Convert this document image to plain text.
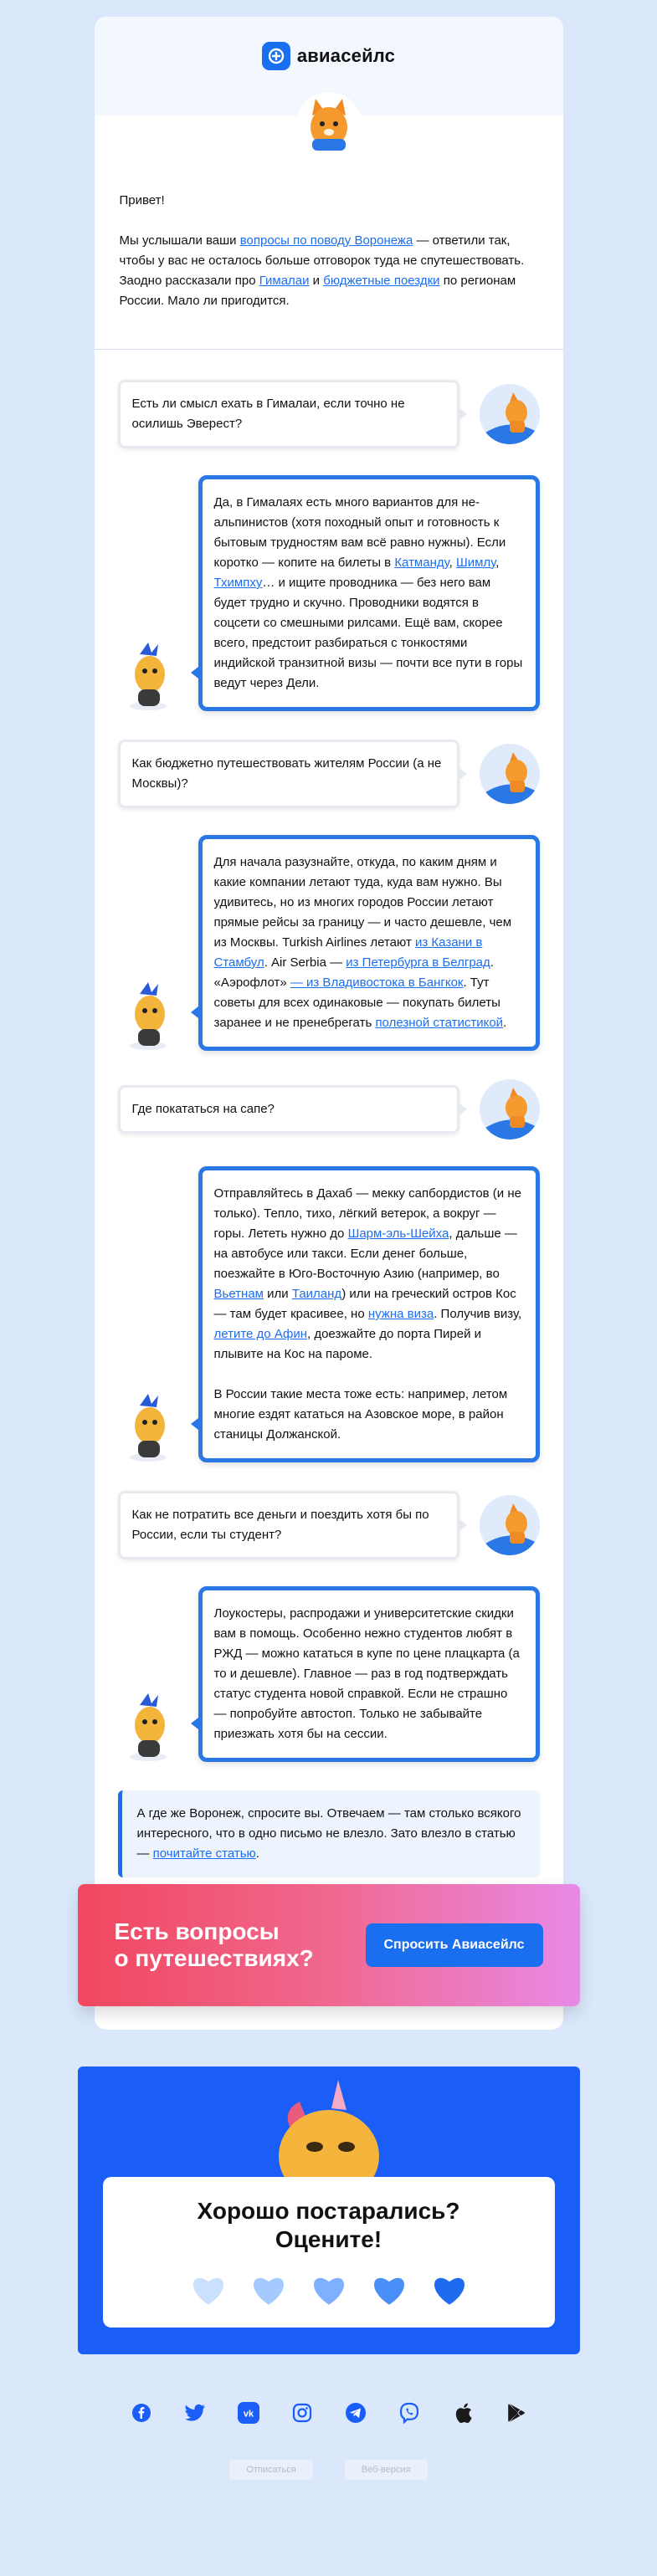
авиасейлс

Привет!

Мы услышали ваши вопросы по поводу Воронежа — ответили так, чтобы у вас не осталось больше отговорок туда не спутешествовать. Заодно рассказали про Гималаи и бюджетные поездки по регионам России. Мало ли пригодится.

Есть ли смысл ехать в Гималаи, если точно не осилишь Эверест?
Да, в Гималаях есть много вариантов для не-альпинистов (хотя походный опыт и готовность к бытовым трудностям вам всё равно нужны). Если коротко — копите на билеты в Катманду, Шимлу, Тхимпху… и ищите проводника — без него вам будет трудно и скучно. Проводники водятся в соцсети со смешными рилсами. Ещё вам, скорее всего, предстоит разбираться с тонкостями индийской транзитной визы — почти все пути в горы ведут через Дели.
Как бюджетно путешествовать жителям России (а не Москвы)?
Для начала разузнайте, откуда, по каким дням и какие компании летают туда, куда вам нужно. Вы удивитесь, но из многих городов России летают прямые рейсы за границу — и часто дешевле, чем из Москвы. Turkish Airlines летают из Казани в Стамбул. Air Serbia — из Петербурга в Белград. «Аэрофлот» — из Владивостока в Бангкок. Тут советы для всех одинаковые — покупать билеты заранее и не пренебрегать полезной статистикой.
Где покататься на сапе?
Отправляйтесь в Дахаб — мекку сапбордистов (и не только). Тепло, тихо, лёгкий ветерок, а вокруг — горы. Лететь нужно до Шарм-эль-Шейха, дальше — на автобусе или такси. Если денег больше, поезжайте в Юго-Восточную Азию (например, во Вьетнам или Таиланд) или на греческий остров Кос — там будет красивее, но нужна виза. Получив визу, летите до Афин, доезжайте до порта Пирей и плывите на Кос на пароме.

В России такие места тоже есть: например, летом многие ездят кататься на Азовское море, в район станицы Должанской.
Как не потратить все деньги и поездить хотя бы по России, если ты студент?
Лоукостеры, распродажи и университетские скидки вам в помощь. Особенно нежно студентов любят в РЖД — можно кататься в купе по цене плацкарта (а то и дешевле). Главное — раз в год подтверждать статус студента новой справкой. Если не страшно — попробуйте автостоп. Только не забывайте приезжать хотя бы на сессии.
А где же Воронеж, спросите вы. Отвечаем — там столько всякого интересного, что в одно письмо не влезло. Зато влезло в статью — почитайте статью.
Есть вопросы
о путешествиях?
Спросить Авиасейлс
Хорошо постарались?
Оцените!
vk
Отписаться	Веб-версия
